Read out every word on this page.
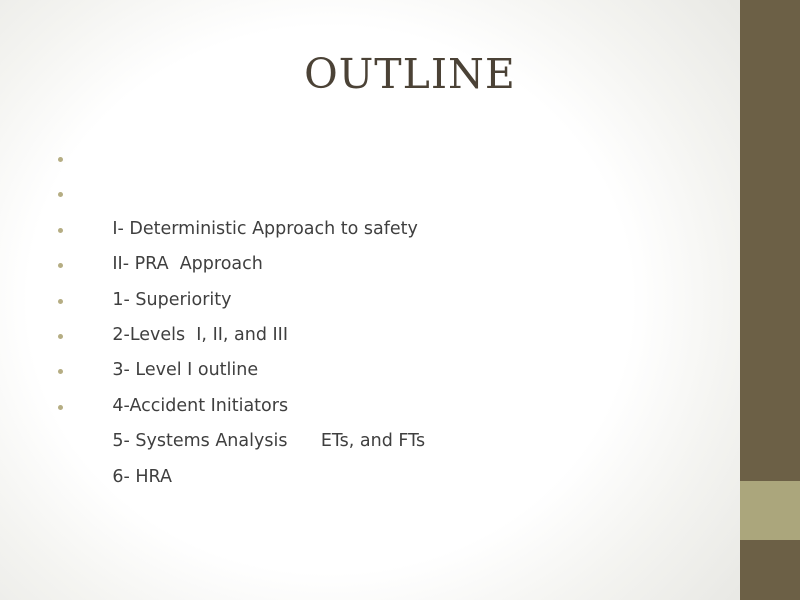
OUTLINE

I- Deterministic Approach to safety

II- PRA  Approach

1- Superiority

2-Levels  I, II, and III

3- Level I outline

4-Accident Initiators

5- Systems Analysis      ETs, and FTs

6- HRA
